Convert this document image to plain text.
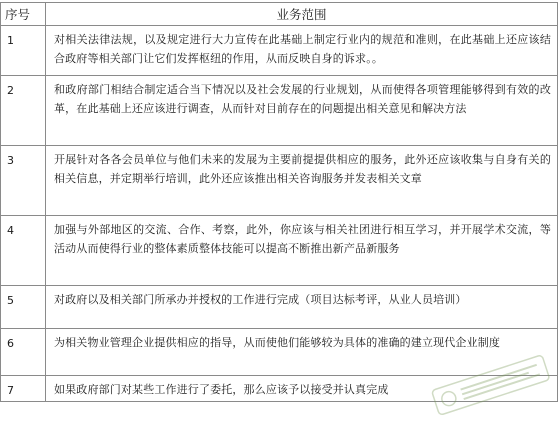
序号	业务范围
1	对相关法律法规，以及规定进行大力宣传在此基础上制定行业内的规范和准则，在此基础上还应该结合政府等相关部门让它们发挥枢纽的作用，从而反映自身的诉求。。
2	和政府部门相结合制定适合当下情况以及社会发展的行业规划，从而使得各项管理能够得到有效的改革，在此基础上还应该进行调查，从而针对目前存在的问题提出相关意见和解决方法
3	开展针对各各会员单位与他们未来的发展为主要前提提供相应的服务，此外还应该收集与自身有关的相关信息，并定期举行培训，此外还应该推出相关咨询服务并发表相关文章
4	加强与外部地区的交流、合作、考察，此外，你应该与相关社团进行相互学习，并开展学术交流，等活动从而使得行业的整体素质整体技能可以提高不断推出新产品新服务
5	对政府以及相关部门所承办并授权的工作进行完成（项目达标考评，从业人员培训）
6	为相关物业管理企业提供相应的指导，从而使他们能够较为具体的准确的建立现代企业制度
7	如果政府部门对某些工作进行了委托，那么应该予以接受并认真完成
